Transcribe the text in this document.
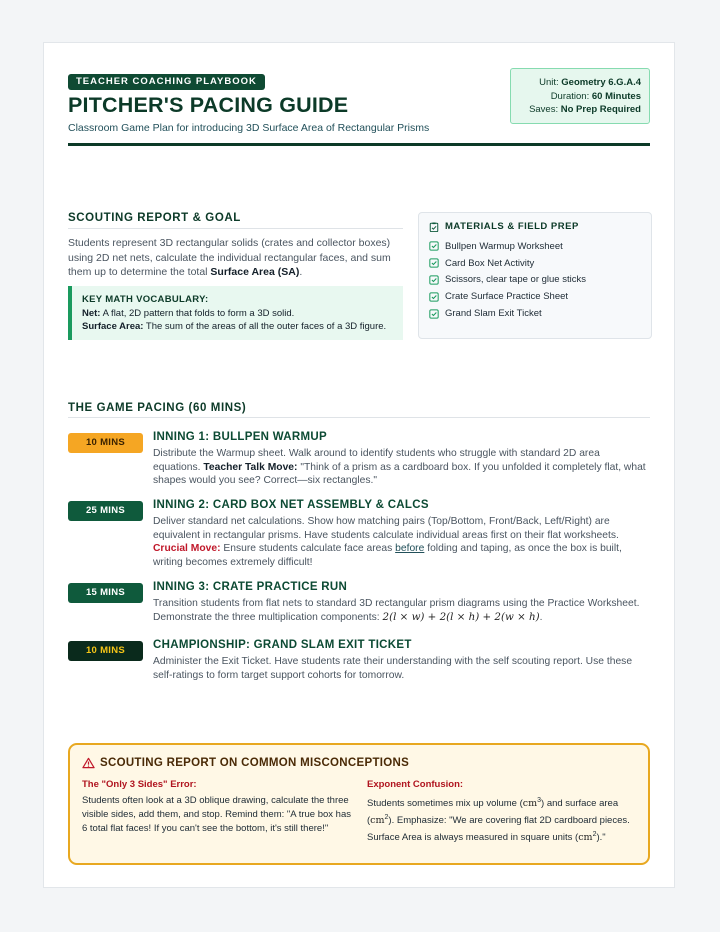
TEACHER COACHING PLAYBOOK
PITCHER'S PACING GUIDE
Classroom Game Plan for introducing 3D Surface Area of Rectangular Prisms
Unit: Geometry 6.G.A.4
Duration: 60 Minutes
Saves: No Prep Required
SCOUTING REPORT & GOAL
Students represent 3D rectangular solids (crates and collector boxes) using 2D net nets, calculate the individual rectangular faces, and sum them up to determine the total Surface Area (SA).
KEY MATH VOCABULARY:
Net: A flat, 2D pattern that folds to form a 3D solid.
Surface Area: The sum of the areas of all the outer faces of a 3D figure.
MATERIALS & FIELD PREP
Bullpen Warmup Worksheet
Card Box Net Activity
Scissors, clear tape or glue sticks
Crate Surface Practice Sheet
Grand Slam Exit Ticket
THE GAME PACING (60 MINS)
10 MINS	INNING 1: BULLPEN WARMUP
Distribute the Warmup sheet. Walk around to identify students who struggle with standard 2D area equations. Teacher Talk Move: "Think of a prism as a cardboard box. If you unfolded it completely flat, what shapes would you see? Correct—six rectangles."
25 MINS	INNING 2: CARD BOX NET ASSEMBLY & CALCS
Deliver standard net calculations. Show how matching pairs (Top/Bottom, Front/Back, Left/Right) are equivalent in rectangular prisms. Have students calculate individual areas first on their flat worksheets.
Crucial Move: Ensure students calculate face areas before folding and taping, as once the box is built, writing becomes extremely difficult!
15 MINS	INNING 3: CRATE PRACTICE RUN
Transition students from flat nets to standard 3D rectangular prism diagrams using the Practice Worksheet. Demonstrate the three multiplication components: 2(l × w) + 2(l × h) + 2(w × h).
10 MINS	CHAMPIONSHIP: GRAND SLAM EXIT TICKET
Administer the Exit Ticket. Have students rate their understanding with the self scouting report. Use these self-ratings to form target support cohorts for tomorrow.
SCOUTING REPORT ON COMMON MISCONCEPTIONS
The "Only 3 Sides" Error:
Students often look at a 3D oblique drawing, calculate the three visible sides, add them, and stop. Remind them: "A true box has 6 total flat faces! If you can't see the bottom, it's still there!"
Exponent Confusion:
Students sometimes mix up volume $(cm^3)$ and surface area $(cm^2)$. Emphasize: "We are covering flat 2D cardboard pieces. Surface Area is always measured in square units $(cm^2)$."
